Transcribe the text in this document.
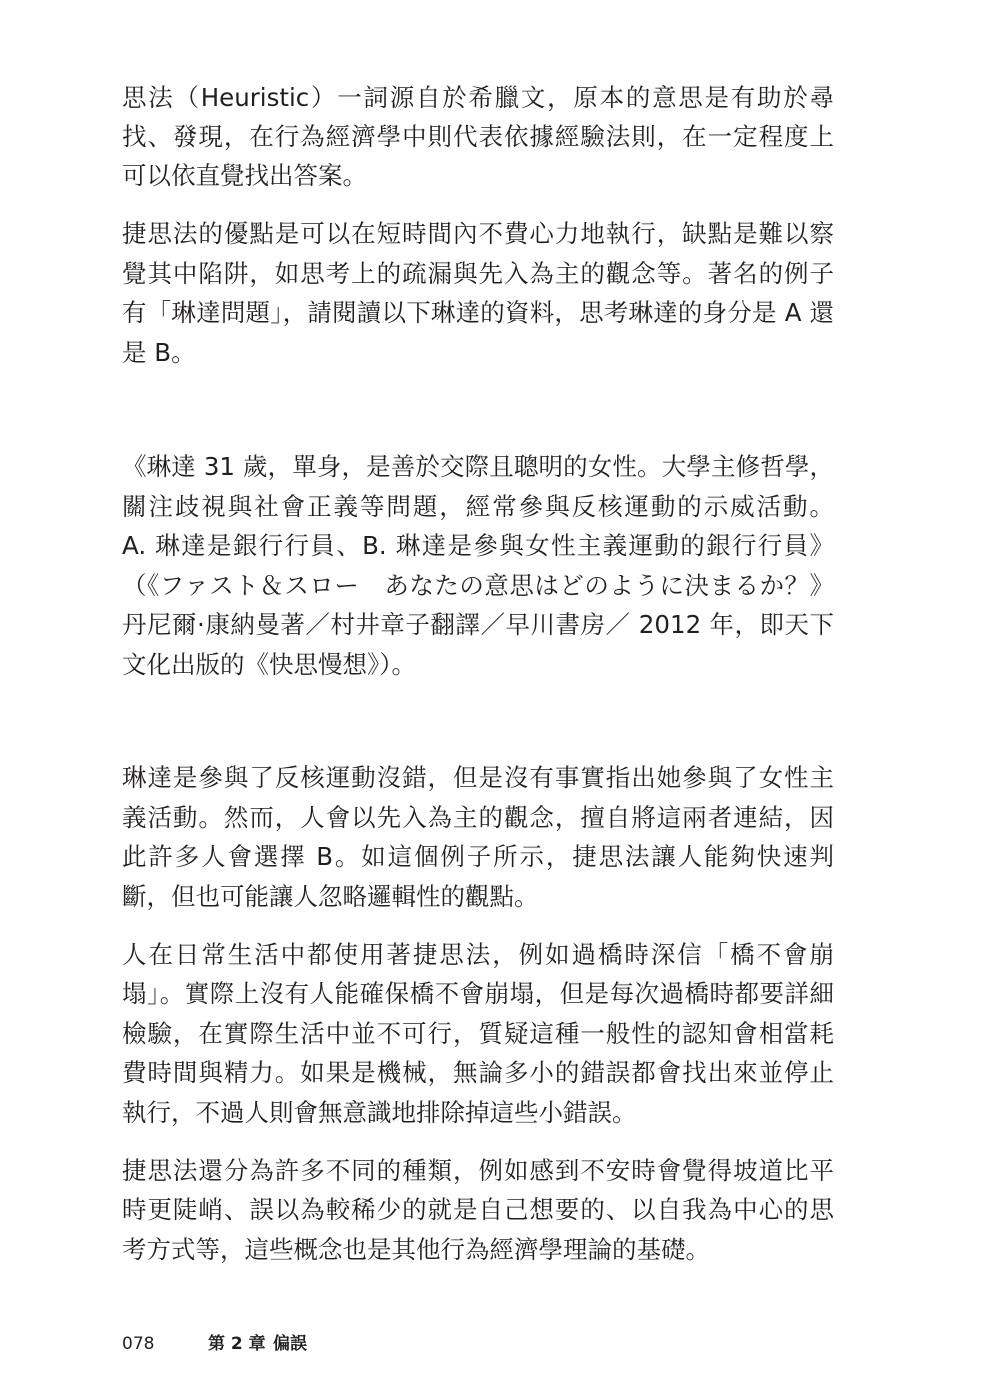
思法（Heuristic）一詞源自於希臘文，原本的意思是有助於尋
找、發現，在行為經濟學中則代表依據經驗法則，在一定程度上
可以依直覺找出答案。
捷思法的優點是可以在短時間內不費心力地執行，缺點是難以察
覺其中陷阱，如思考上的疏漏與先入為主的觀念等。著名的例子
有「琳達問題」，請閱讀以下琳達的資料，思考琳達的身分是 A 還
是 B。
《琳達 31 歲，單身，是善於交際且聰明的女性。大學主修哲學，
關注歧視與社會正義等問題，經常參與反核運動的示威活動。
A. 琳達是銀行行員、B. 琳達是參與女性主義運動的銀行行員》
（《ファスト＆スロー　あなたの意思はどのように決まるか？》
丹尼爾·康納曼著／村井章子翻譯／早川書房／ 2012 年，即天下
文化出版的《快思慢想》）。
琳達是參與了反核運動沒錯，但是沒有事實指出她參與了女性主
義活動。然而，人會以先入為主的觀念，擅自將這兩者連結，因
此許多人會選擇 B。如這個例子所示，捷思法讓人能夠快速判
斷，但也可能讓人忽略邏輯性的觀點。
人在日常生活中都使用著捷思法，例如過橋時深信「橋不會崩
塌」。實際上沒有人能確保橋不會崩塌，但是每次過橋時都要詳細
檢驗，在實際生活中並不可行，質疑這種一般性的認知會相當耗
費時間與精力。如果是機械，無論多小的錯誤都會找出來並停止
執行，不過人則會無意識地排除掉這些小錯誤。
捷思法還分為許多不同的種類，例如感到不安時會覺得坡道比平
時更陡峭、誤以為較稀少的就是自己想要的、以自我為中心的思
考方式等，這些概念也是其他行為經濟學理論的基礎。
078	第 2 章 偏誤
